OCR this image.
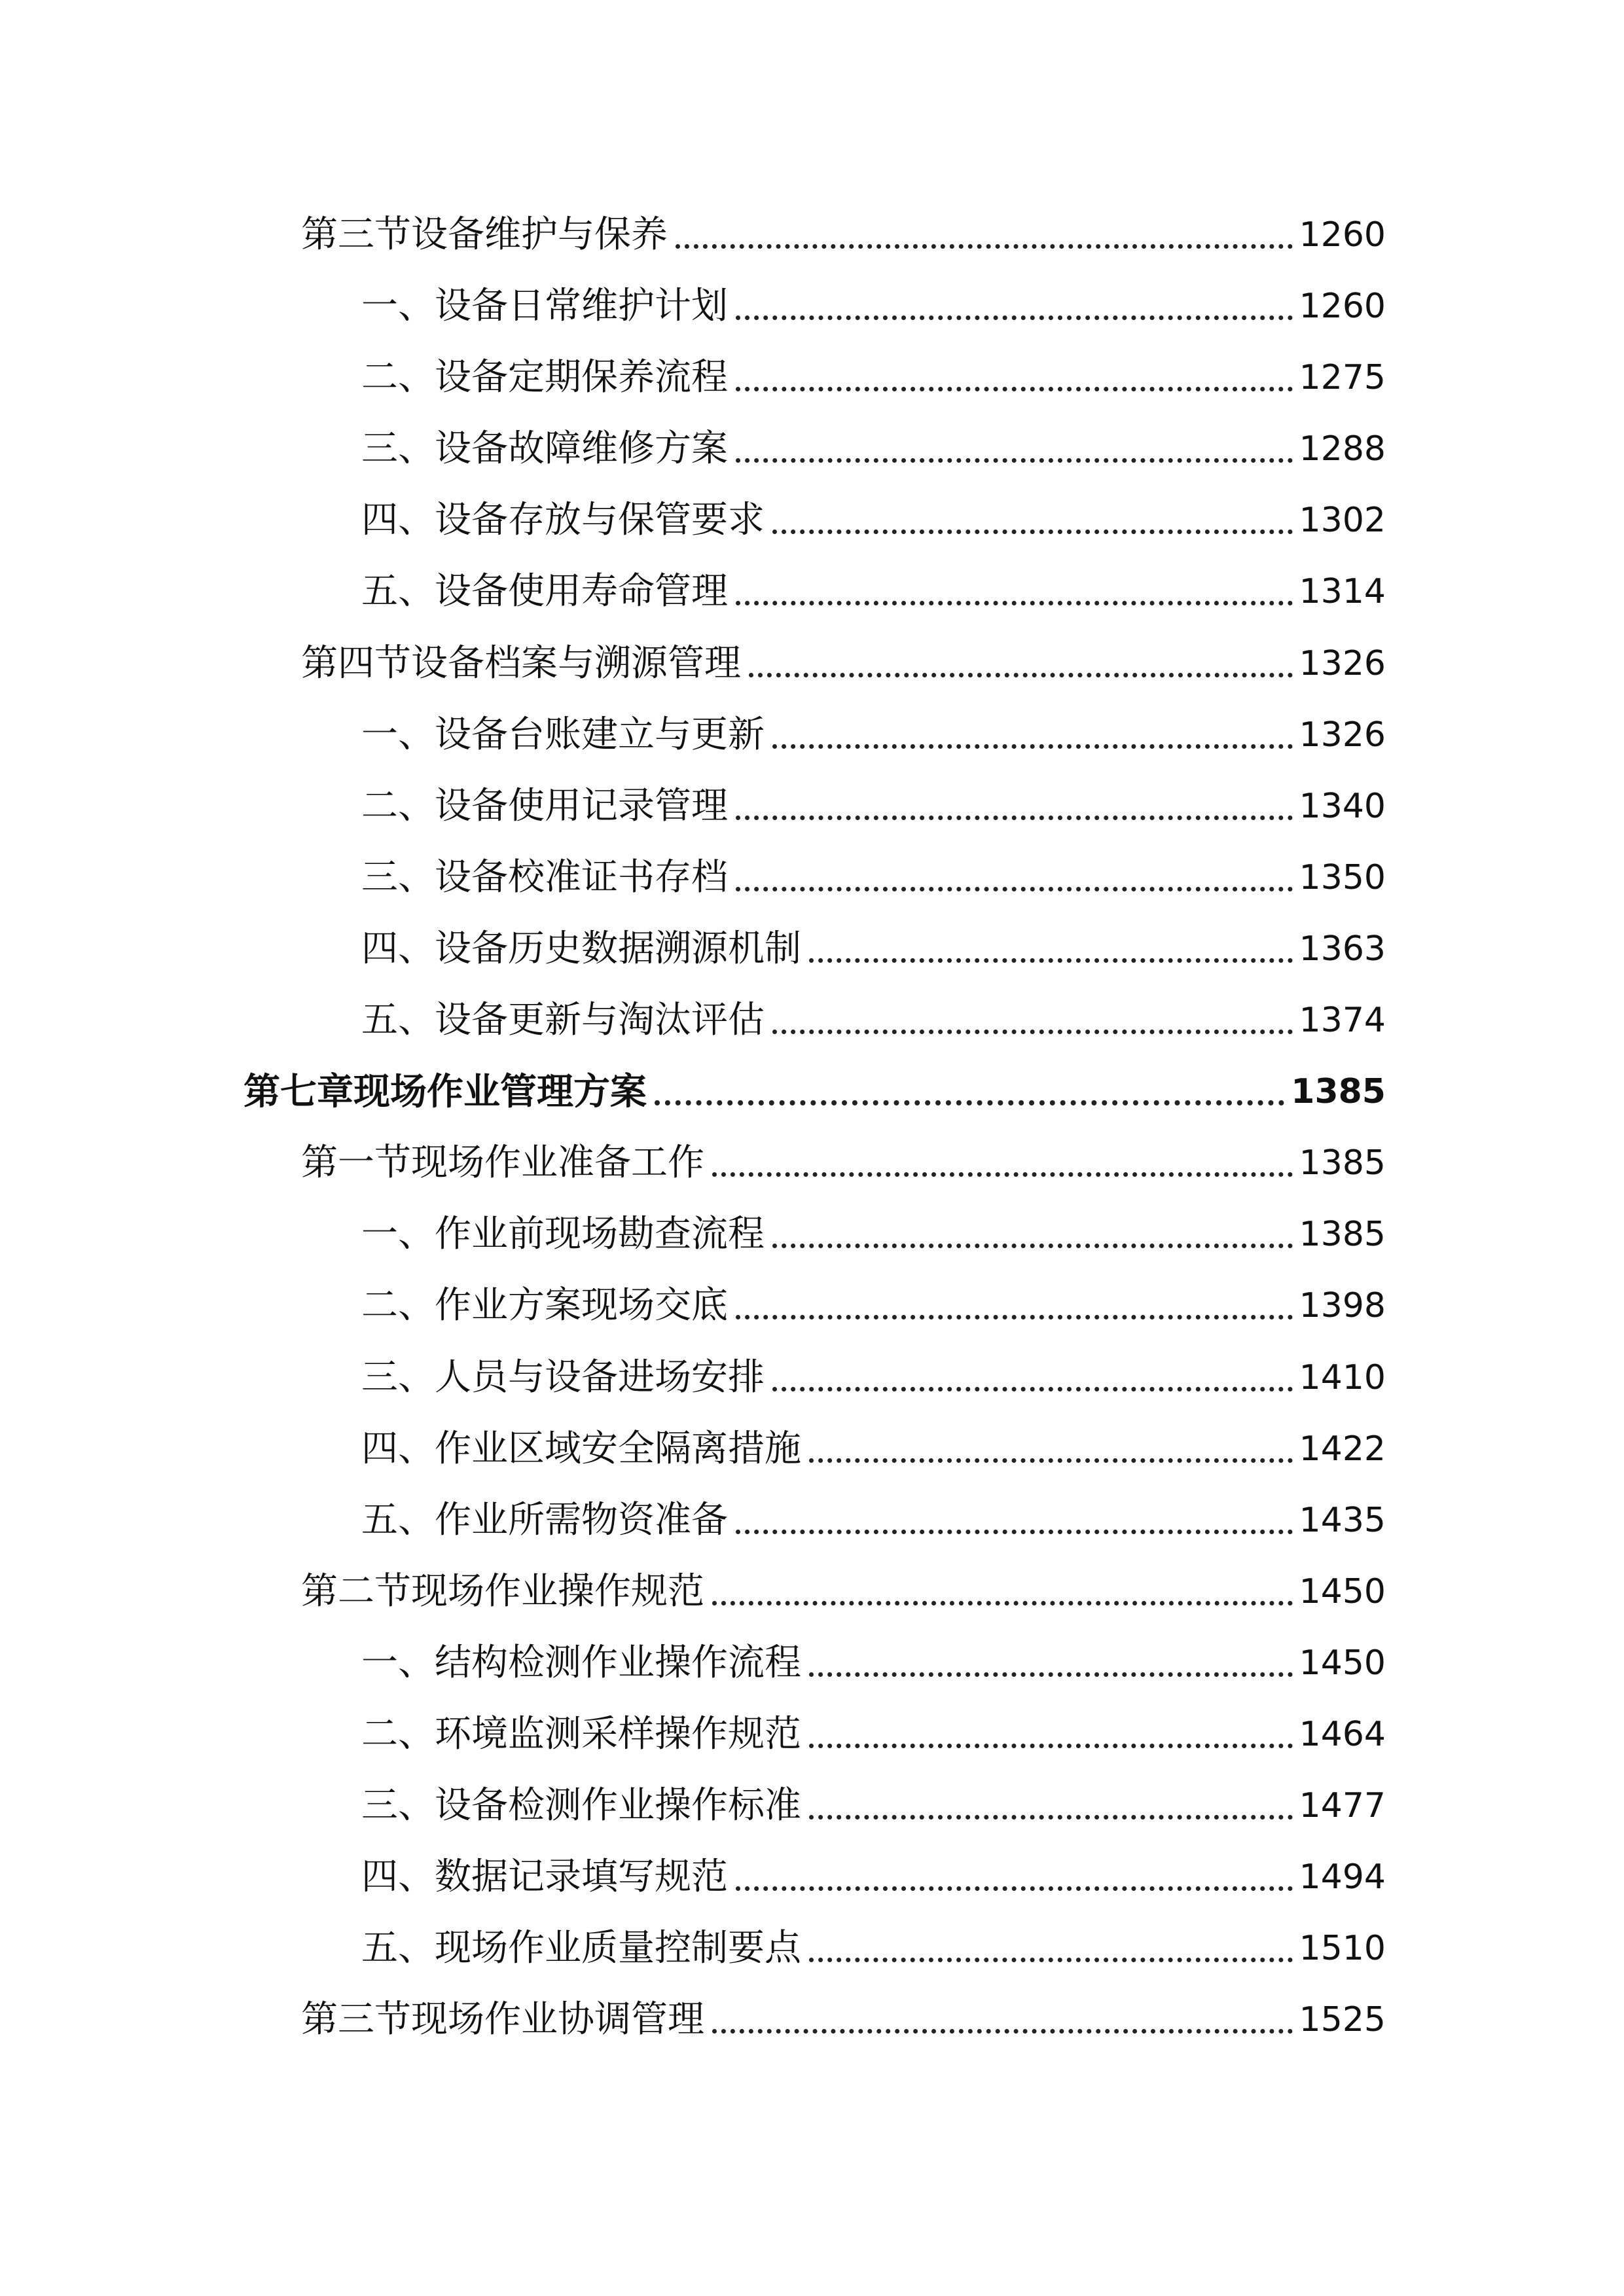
第三节设备维护与保养	1260
一、设备日常维护计划	1260
二、设备定期保养流程	1275
三、设备故障维修方案	1288
四、设备存放与保管要求	1302
五、设备使用寿命管理	1314
第四节设备档案与溯源管理	1326
一、设备台账建立与更新	1326
二、设备使用记录管理	1340
三、设备校准证书存档	1350
四、设备历史数据溯源机制	1363
五、设备更新与淘汰评估	1374
第七章现场作业管理方案	1385
第一节现场作业准备工作	1385
一、作业前现场勘查流程	1385
二、作业方案现场交底	1398
三、人员与设备进场安排	1410
四、作业区域安全隔离措施	1422
五、作业所需物资准备	1435
第二节现场作业操作规范	1450
一、结构检测作业操作流程	1450
二、环境监测采样操作规范	1464
三、设备检测作业操作标准	1477
四、数据记录填写规范	1494
五、现场作业质量控制要点	1510
第三节现场作业协调管理	1525
